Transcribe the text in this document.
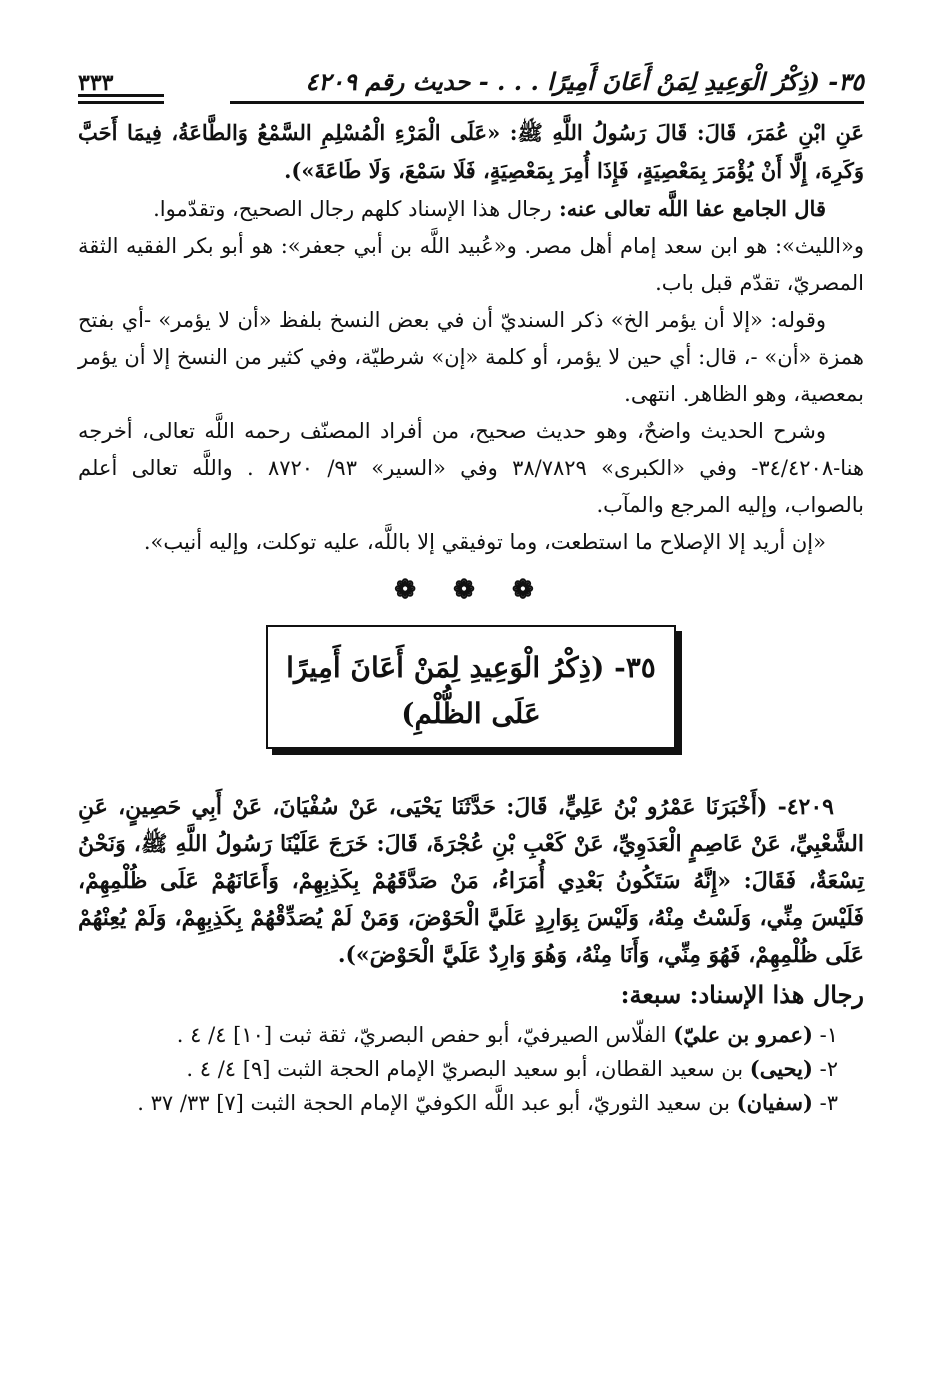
٣٥- (ذِكْرُ الْوَعِيدِ لِمَنْ أَعَانَ أَمِيرًا . . . - حديث رقم ٤٢٠٩
٣٣٣

عَنِ ابْنِ عُمَرَ، قَالَ: قَالَ رَسُولُ اللَّهِ ﷺ: «عَلَى الْمَرْءِ الْمُسْلِمِ السَّمْعُ وَالطَّاعَةُ، فِيمَا أَحَبَّ وَكَرِهَ، إِلَّا أَنْ يُؤْمَرَ بِمَعْصِيَةٍ، فَإِذَا أُمِرَ بِمَعْصِيَةٍ، فَلَا سَمْعَ، وَلَا طَاعَةَ»).

قال الجامع عفا اللَّه تعالى عنه: رجال هذا الإسناد كلهم رجال الصحيح، وتقدّموا.

و«الليث»: هو ابن سعد إمام أهل مصر. و«عُبيد اللَّه بن أبي جعفر»: هو أبو بكر الفقيه الثقة المصريّ، تقدّم قبل باب.

وقوله: «إلا أن يؤمر الخ» ذكر السنديّ أن في بعض النسخ بلفظ «أن لا يؤمر» -أي بفتح همزة «أن» -، قال: أي حين لا يؤمر، أو كلمة «إن» شرطيّة، وفي كثير من النسخ إلا أن يؤمر بمعصية، وهو الظاهر. انتهى.

وشرح الحديث واضحٌ، وهو حديث صحيح، من أفراد المصنّف رحمه اللَّه تعالى، أخرجه هنا-٣٤/٤٢٠٨- وفي «الكبرى» ٣٨/٧٨٢٩ وفي «السير» ٩٣/ ٨٧٢٠ . واللَّه تعالى أعلم بالصواب، وإليه المرجع والمآب.

«إن أريد إلا الإصلاح ما استطعت، وما توفيقي إلا باللَّه، عليه توكلت، وإليه أنيب».

❁ ❁ ❁
٣٥- (ذِكْرُ الْوَعِيدِ لِمَنْ أَعَانَ أَمِيرًا
عَلَى الظُّلْمِ)

٤٢٠٩- (أَخْبَرَنَا عَمْرُو بْنُ عَلِيٍّ، قَالَ: حَدَّثَنَا يَحْيَى، عَنْ سُفْيَانَ، عَنْ أَبِي حَصِينٍ، عَنِ الشَّعْبِيِّ، عَنْ عَاصِمٍ الْعَدَوِيِّ، عَنْ كَعْبِ بْنِ عُجْرَةَ، قَالَ: خَرَجَ عَلَيْنَا رَسُولُ اللَّهِ ﷺ، وَنَحْنُ تِسْعَةٌ، فَقَالَ: «إِنَّهُ سَتَكُونُ بَعْدِي أُمَرَاءُ، مَنْ صَدَّقَهُمْ بِكَذِبِهِمْ، وَأَعَانَهُمْ عَلَى ظُلْمِهِمْ، فَلَيْسَ مِنِّي، وَلَسْتُ مِنْهُ، وَلَيْسَ بِوَارِدٍ عَلَيَّ الْحَوْضَ، وَمَنْ لَمْ يُصَدِّقْهُمْ بِكَذِبِهِمْ، وَلَمْ يُعِنْهُمْ عَلَى ظُلْمِهِمْ، فَهُوَ مِنِّي، وَأَنَا مِنْهُ، وَهُوَ وَارِدٌ عَلَيَّ الْحَوْضَ»).

رجال هذا الإسناد: سبعة:

١- (عمرو بن عليّ) الفلّاس الصيرفيّ، أبو حفص البصريّ، ثقة ثبت [١٠] ٤/ ٤ .

٢- (يحيى) بن سعيد القطان، أبو سعيد البصريّ الإمام الحجة الثبت [٩] ٤/ ٤ .

٣- (سفيان) بن سعيد الثوريّ، أبو عبد اللَّه الكوفيّ الإمام الحجة الثبت [٧] ٣٣/ ٣٧ .
